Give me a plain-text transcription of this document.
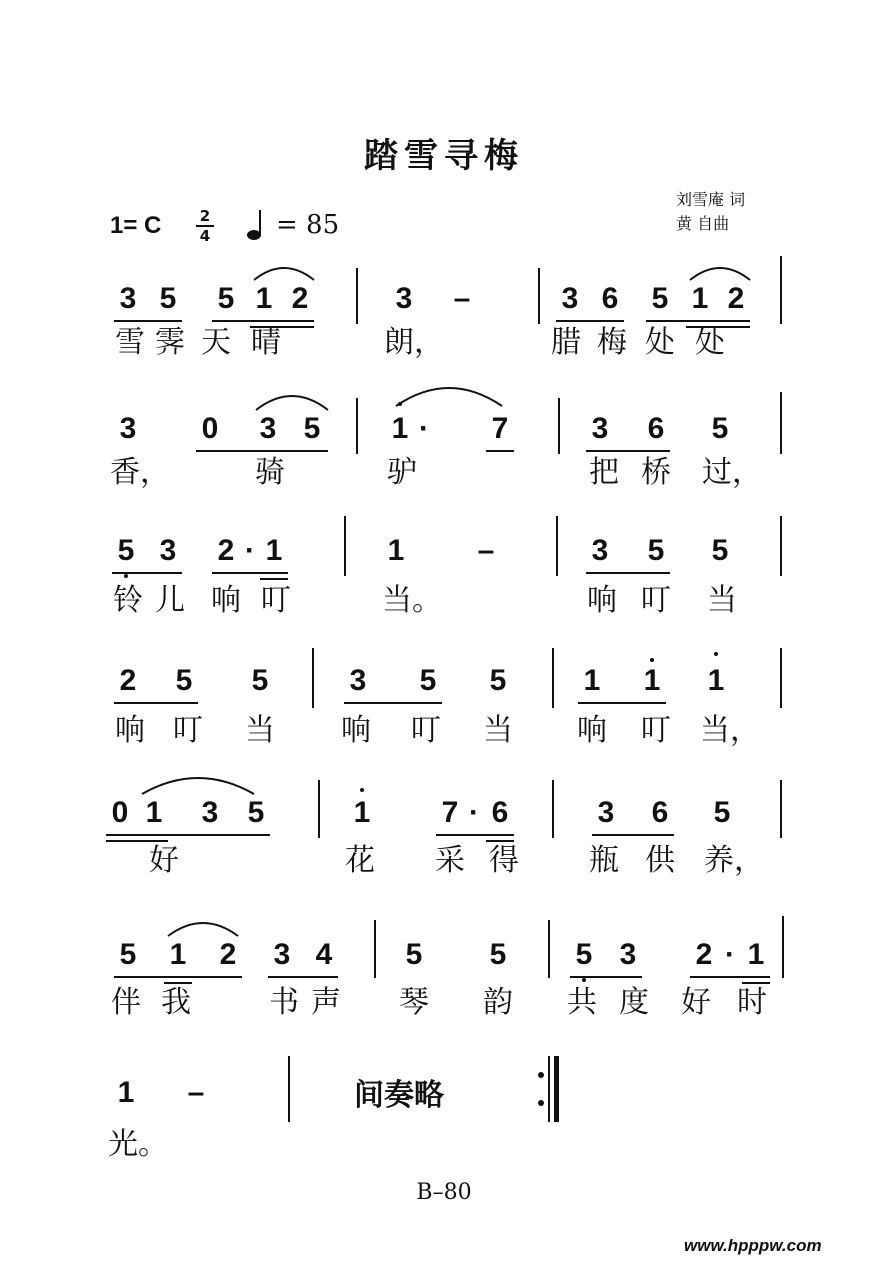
踏雪寻梅
刘雪庵 词
黄 自曲
1= C	2
4	= 85
3 5 5 1 2	3 –	3 6 5 1 2
雪 霁 天 晴	朗，	腊 梅 处 处
3 0 3 5 1 ·	7	3 6 5
香，	骑	驴	把 桥 过，
5 3 2 · 1	1 –	3 5 5
铃 儿 响 叮	当。	响 叮 当
2 5 5	3 5 5	1 1 1
响 叮 当 响 叮 当 响 叮 当，
0 1 3 5	1 7 · 6	3 6 5
好	花 采 得 瓶 供 养，
5 1 2 3 4 5 5 5 3 2 · 1
伴 我	书 声 琴 韵 共 度 好 时
1 –	间奏略
光。
B–80
www.hpppw.com
